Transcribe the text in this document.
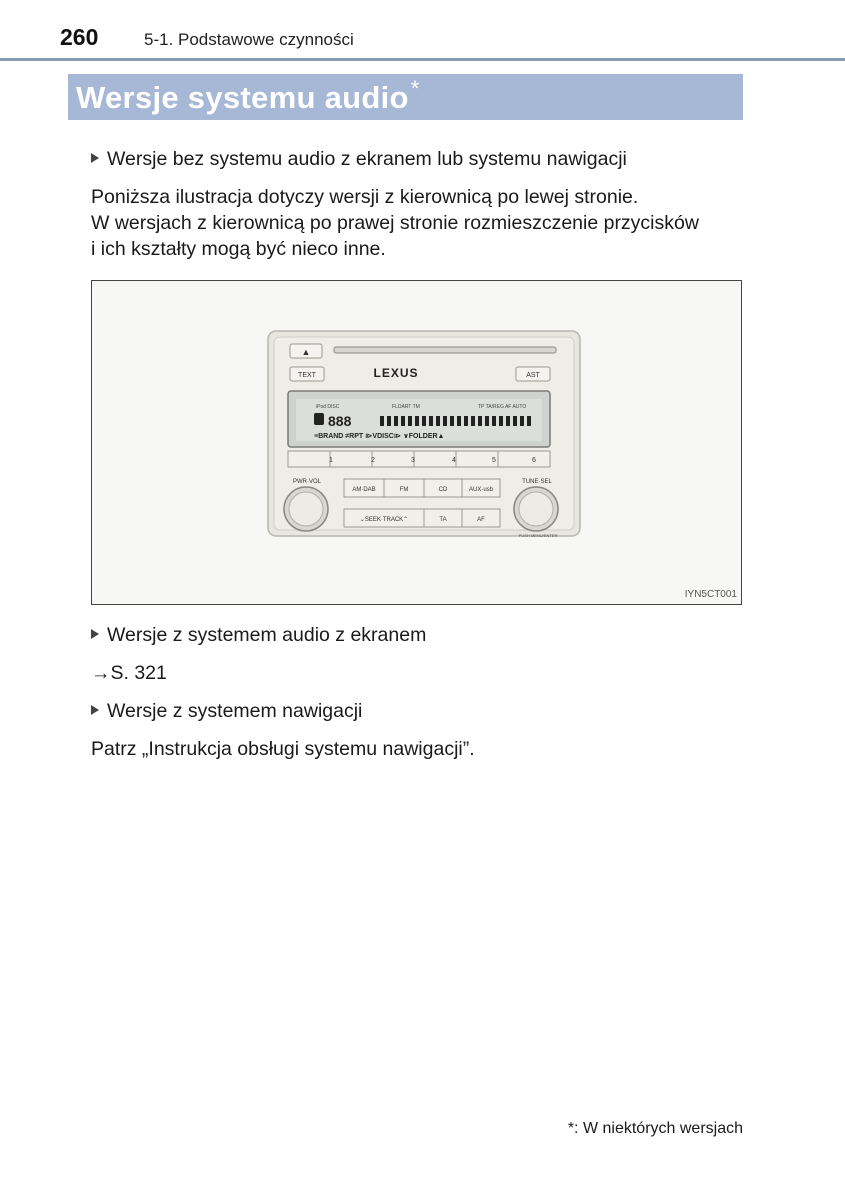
260	5-1. Podstawowe czynności
Wersje systemu audio*
Wersje bez systemu audio z ekranem lub systemu nawigacji
Poniższa ilustracja dotyczy wersji z kierownicą po lewej stronie.
W wersjach z kierownicą po prawej stronie rozmieszczenie przycisków
i ich kształty mogą być nieco inne.
▲
TEXT	LEXUS	AST
iPod DISC	FLDART TM	TP TA/REG AF AUTO
888
≡BRAND ≠RPT ⧐VDISC⧐ ∨FOLDER▲
1	2	3	4	5	6
PWR·VOL	TUNE·SEL
PUSH MENU/ENTER
AM·DAB	FM	CD	AUX·usb
⌄SEEK·TRACK⌃	TA	AF
IYN5CT001
Wersje z systemem audio z ekranem
→S. 321
Wersje z systemem nawigacji
Patrz „Instrukcja obsługi systemu nawigacji”.
*: W niektórych wersjach
